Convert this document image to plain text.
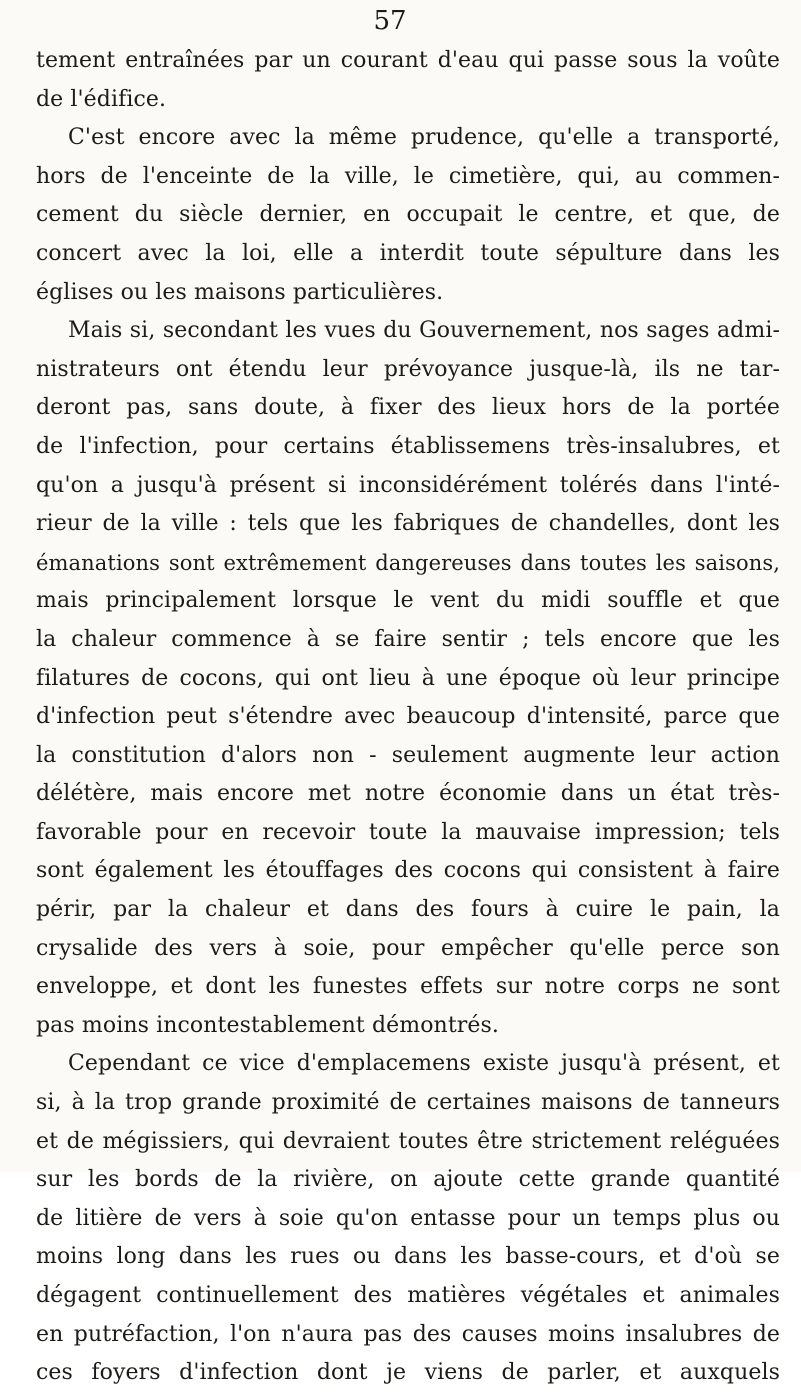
57
tement entraînées par un courant d'eau qui passe sous la voûte
de l'édifice.
C'est encore avec la même prudence, qu'elle a transporté,
hors de l'enceinte de la ville, le cimetière, qui, au commen-
cement du siècle dernier, en occupait le centre, et que, de
concert avec la loi, elle a interdit toute sépulture dans les
églises ou les maisons particulières.
Mais si, secondant les vues du Gouvernement, nos sages admi-
nistrateurs ont étendu leur prévoyance jusque-là, ils ne tar-
deront pas, sans doute, à fixer des lieux hors de la portée
de l'infection, pour certains établissemens très-insalubres, et
qu'on a jusqu'à présent si inconsidérément tolérés dans l'inté-
rieur de la ville : tels que les fabriques de chandelles, dont les
émanations sont extrêmement dangereuses dans toutes les saisons,
mais principalement lorsque le vent du midi souffle et que
la chaleur commence à se faire sentir ; tels encore que les
filatures de cocons, qui ont lieu à une époque où leur principe
d'infection peut s'étendre avec beaucoup d'intensité, parce que
la constitution d'alors non - seulement augmente leur action
délétère, mais encore met notre économie dans un état très-
favorable pour en recevoir toute la mauvaise impression; tels
sont également les étouffages des cocons qui consistent à faire
périr, par la chaleur et dans des fours à cuire le pain, la
crysalide des vers à soie, pour empêcher qu'elle perce son
enveloppe, et dont les funestes effets sur notre corps ne sont
pas moins incontestablement démontrés.
Cependant ce vice d'emplacemens existe jusqu'à présent, et
si, à la trop grande proximité de certaines maisons de tanneurs
et de mégissiers, qui devraient toutes être strictement reléguées
sur les bords de la rivière, on ajoute cette grande quantité
de litière de vers à soie qu'on entasse pour un temps plus ou
moins long dans les rues ou dans les basse-cours, et d'où se
dégagent continuellement des matières végétales et animales
en putréfaction, l'on n'aura pas des causes moins insalubres de
ces foyers d'infection dont je viens de parler, et auxquels
